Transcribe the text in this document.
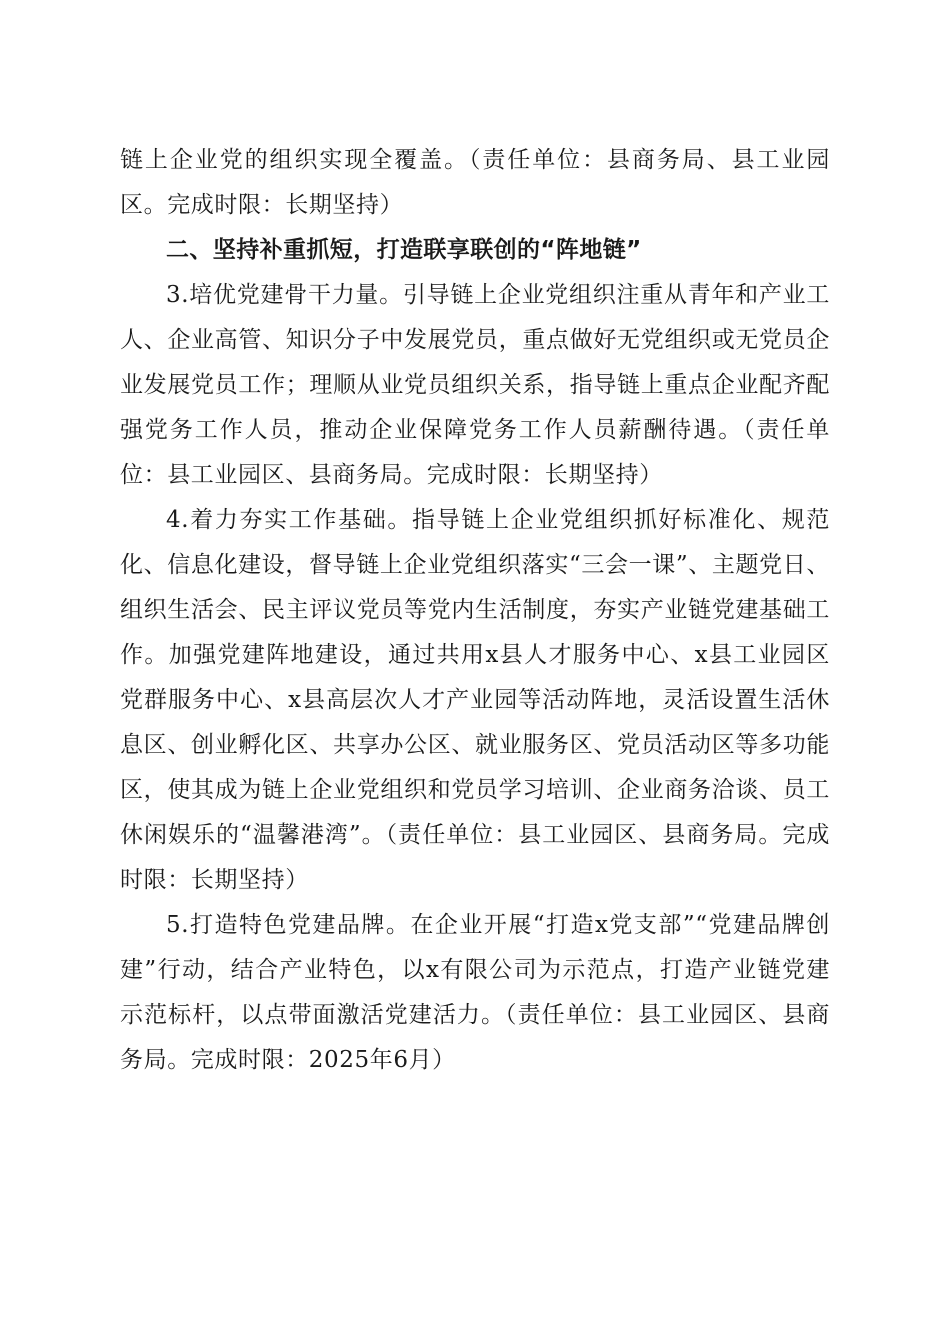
链上企业党的组织实现全覆盖。（责任单位：县商务局、县工业园区。完成时限：长期坚持）

二、坚持补重抓短，打造联享联创的“阵地链”

3.培优党建骨干力量。引导链上企业党组织注重从青年和产业工人、企业高管、知识分子中发展党员，重点做好无党组织或无党员企业发展党员工作；理顺从业党员组织关系，指导链上重点企业配齐配强党务工作人员，推动企业保障党务工作人员薪酬待遇。（责任单位：县工业园区、县商务局。完成时限：长期坚持）

4.着力夯实工作基础。指导链上企业党组织抓好标准化、规范化、信息化建设，督导链上企业党组织落实“三会一课”、主题党日、组织生活会、民主评议党员等党内生活制度，夯实产业链党建基础工作。加强党建阵地建设，通过共用x县人才服务中心、x县工业园区党群服务中心、x县高层次人才产业园等活动阵地，灵活设置生活休息区、创业孵化区、共享办公区、就业服务区、党员活动区等多功能区，使其成为链上企业党组织和党员学习培训、企业商务洽谈、员工休闲娱乐的“温馨港湾”。（责任单位：县工业园区、县商务局。完成时限：长期坚持）

5.打造特色党建品牌。在企业开展“打造x党支部”“党建品牌创建”行动，结合产业特色，以x有限公司为示范点，打造产业链党建示范标杆，以点带面激活党建活力。（责任单位：县工业园区、县商务局。完成时限：2025年6月）
